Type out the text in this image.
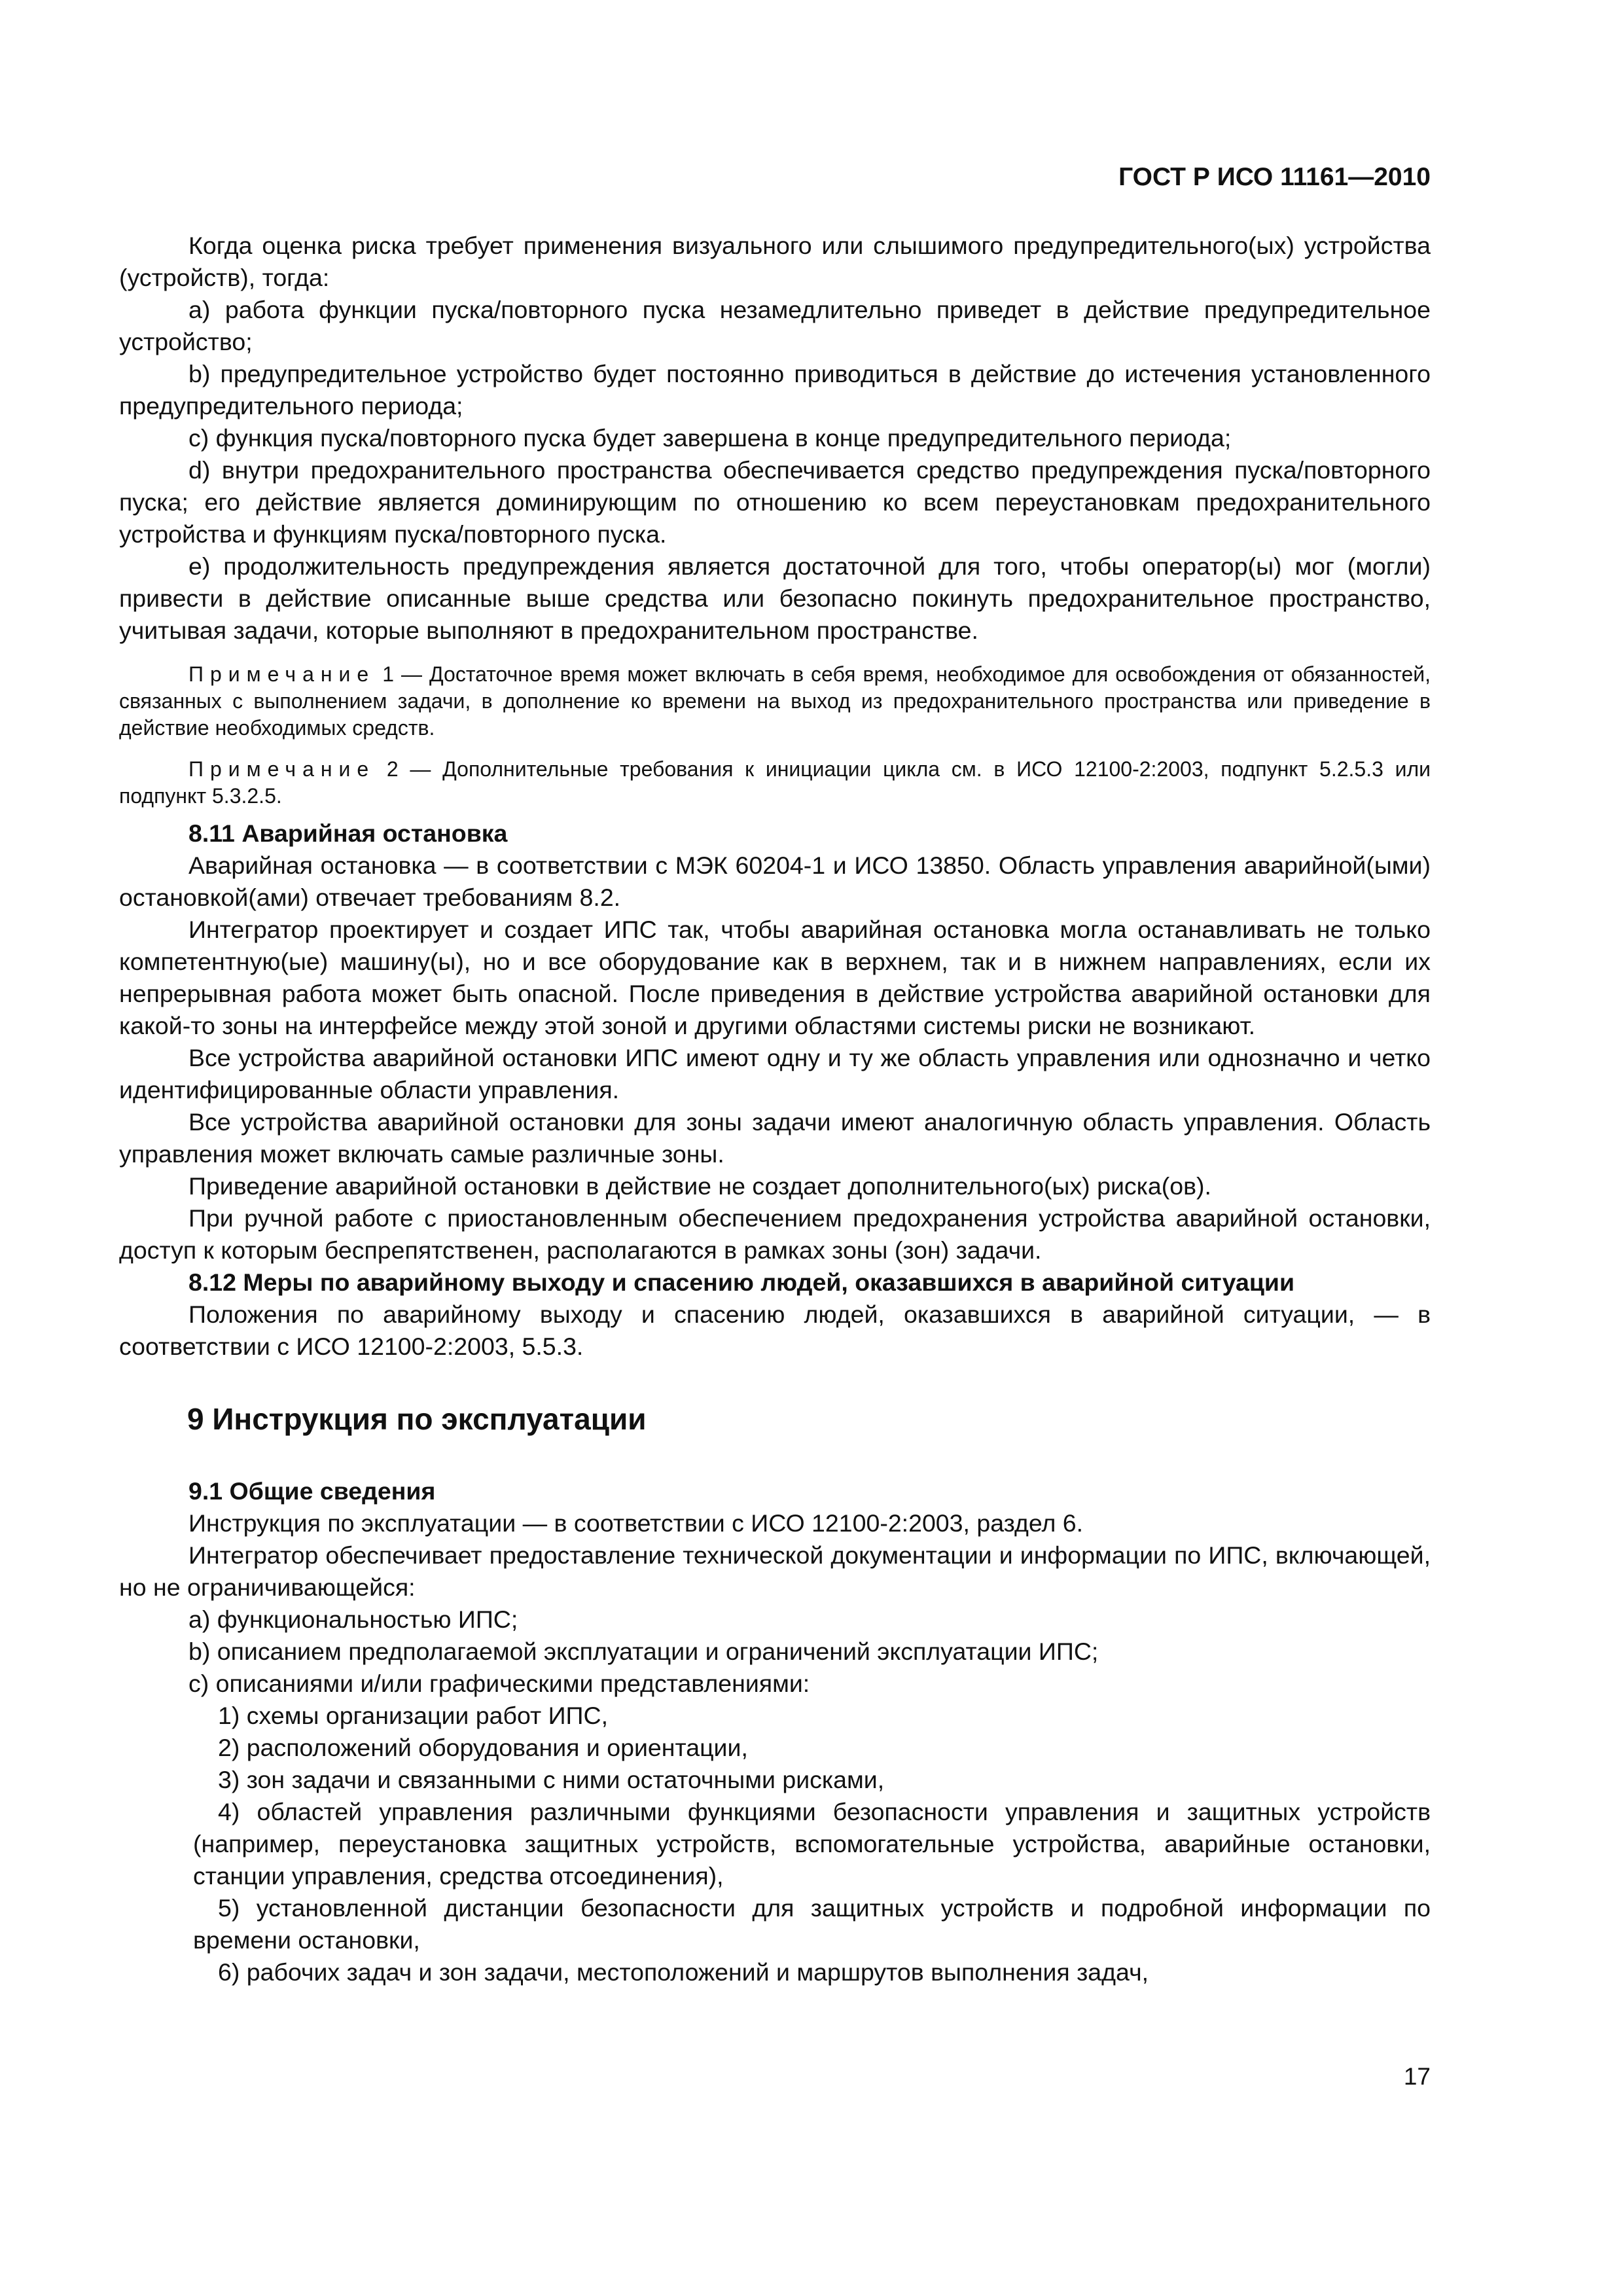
ГОСТ Р ИСО 11161—2010

Когда оценка риска требует применения визуального или слышимого предупредительного(ых) устройства (устройств), тогда:

a) работа функции пуска/повторного пуска незамедлительно приведет в действие предупредительное устройство;

b) предупредительное устройство будет постоянно приводиться в действие до истечения установленного предупредительного периода;

c) функция пуска/повторного пуска будет завершена в конце предупредительного периода;

d) внутри предохранительного пространства обеспечивается средство предупреждения пуска/повторного пуска; его действие является доминирующим по отношению ко всем переустановкам предохранительного устройства и функциям пуска/повторного пуска.

e) продолжительность предупреждения является достаточной для того, чтобы оператор(ы) мог (могли) привести в действие описанные выше средства или безопасно покинуть предохранительное пространство, учитывая задачи, которые выполняют в предохранительном пространстве.

Примечание 1 — Достаточное время может включать в себя время, необходимое для освобождения от обязанностей, связанных с выполнением задачи, в дополнение ко времени на выход из предохранительного пространства или приведение в действие необходимых средств.

Примечание 2 — Дополнительные требования к инициации цикла см. в ИСО 12100-2:2003, подпункт 5.2.5.3 или подпункт 5.3.2.5.

8.11 Аварийная остановка

Аварийная остановка — в соответствии с МЭК 60204-1 и ИСО 13850. Область управления аварийной(ыми) остановкой(ами) отвечает требованиям 8.2.

Интегратор проектирует и создает ИПС так, чтобы аварийная остановка могла останавливать не только компетентную(ые) машину(ы), но и все оборудование как в верхнем, так и в нижнем направлениях, если их непрерывная работа может быть опасной. После приведения в действие устройства аварийной остановки для какой-то зоны на интерфейсе между этой зоной и другими областями системы риски не возникают.

Все устройства аварийной остановки ИПС имеют одну и ту же область управления или однозначно и четко идентифицированные области управления.

Все устройства аварийной остановки для зоны задачи имеют аналогичную область управления. Область управления может включать самые различные зоны.

Приведение аварийной остановки в действие не создает дополнительного(ых) риска(ов).

При ручной работе с приостановленным обеспечением предохранения устройства аварийной остановки, доступ к которым беспрепятственен, располагаются в рамках зоны (зон) задачи.

8.12 Меры по аварийному выходу и спасению людей, оказавшихся в аварийной ситуации

Положения по аварийному выходу и спасению людей, оказавшихся в аварийной ситуации, — в соответствии с ИСО 12100-2:2003, 5.5.3.

9 Инструкция по эксплуатации

9.1 Общие сведения

Инструкция по эксплуатации — в соответствии с ИСО 12100-2:2003, раздел 6.

Интегратор обеспечивает предоставление технической документации и информации по ИПС, включающей, но не ограничивающейся:

a) функциональностью ИПС;

b) описанием предполагаемой эксплуатации и ограничений эксплуатации ИПС;

c) описаниями и/или графическими представлениями:

1) схемы организации работ ИПС,

2) расположений оборудования и ориентации,

3) зон задачи и связанными с ними остаточными рисками,

4) областей управления различными функциями безопасности управления и защитных устройств (например, переустановка защитных устройств, вспомогательные устройства, аварийные остановки, станции управления, средства отсоединения),

5) установленной дистанции безопасности для защитных устройств и подробной информации по времени остановки,

6) рабочих задач и зон задачи, местоположений и маршрутов выполнения задач,

17
